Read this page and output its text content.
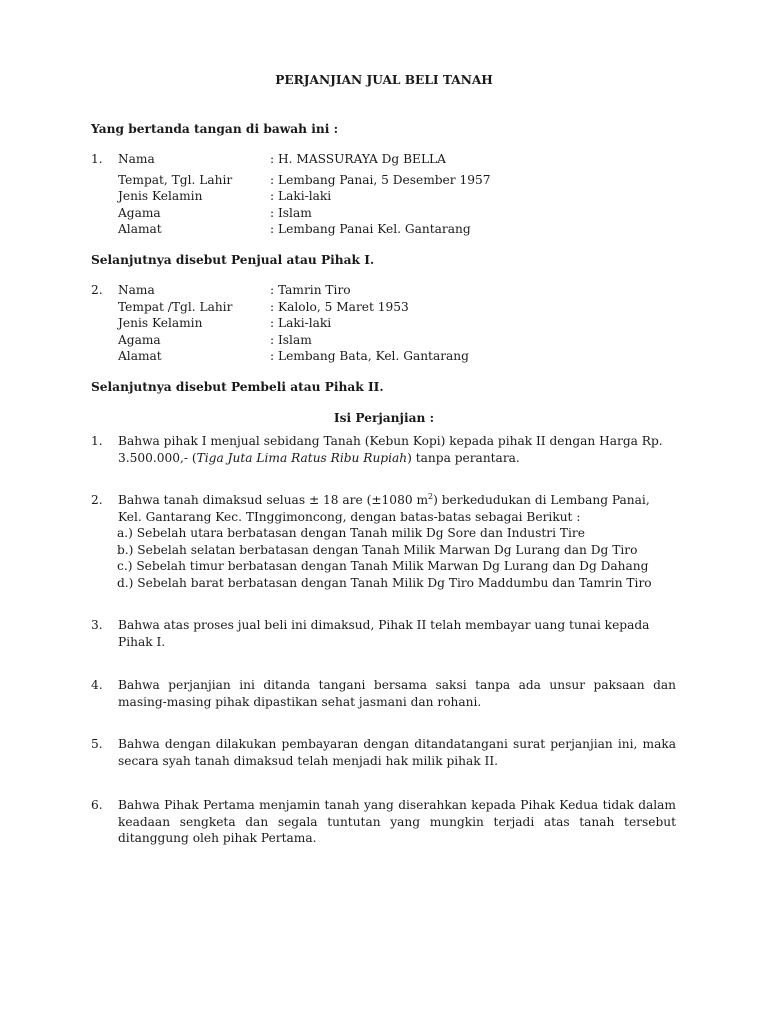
PERJANJIAN JUAL BELI TANAH
Yang bertanda tangan di bawah ini :
1. Nama	: H. MASSURAYA Dg BELLA
Tempat, Tgl. Lahir	: Lembang Panai, 5 Desember 1957
Jenis Kelamin	: Laki-laki
Agama	: Islam
Alamat	: Lembang Panai Kel. Gantarang
Selanjutnya disebut Penjual atau Pihak I.
2. Nama	: Tamrin Tiro
Tempat /Tgl. Lahir	: Kalolo, 5 Maret 1953
Jenis Kelamin	: Laki-laki
Agama	: Islam
Alamat	: Lembang Bata, Kel. Gantarang
Selanjutnya disebut Pembeli atau Pihak II.
Isi Perjanjian :
1. Bahwa pihak I menjual sebidang Tanah (Kebun Kopi) kepada pihak II dengan Harga Rp.
3.500.000,- (Tiga Juta Lima Ratus Ribu Rupiah) tanpa perantara.
2. Bahwa tanah dimaksud seluas ± 18 are (±1080 $m^2$) berkedudukan di Lembang Panai,
Kel. Gantarang Kec. TInggimoncong, dengan batas-batas sebagai Berikut :
a.) Sebelah utara berbatasan dengan Tanah milik Dg Sore dan Industri Tire
b.) Sebelah selatan berbatasan dengan Tanah Milik Marwan Dg Lurang dan Dg Tiro
c.) Sebelah timur berbatasan dengan Tanah Milik Marwan Dg Lurang dan Dg Dahang
d.) Sebelah barat berbatasan dengan Tanah Milik Dg Tiro Maddumbu dan Tamrin Tiro
3. Bahwa atas proses jual beli ini dimaksud, Pihak II telah membayar uang tunai kepada Pihak I.
4. Bahwa perjanjian ini ditanda tangani bersama saksi tanpa ada unsur paksaan dan masing-masing pihak dipastikan sehat jasmani dan rohani.
5. Bahwa dengan dilakukan pembayaran dengan ditandatangani surat perjanjian ini, maka secara syah tanah dimaksud telah menjadi hak milik pihak II.
6. Bahwa Pihak Pertama menjamin tanah yang diserahkan kepada Pihak Kedua tidak dalam keadaan sengketa dan segala tuntutan yang mungkin terjadi atas tanah tersebut ditanggung oleh pihak Pertama.
